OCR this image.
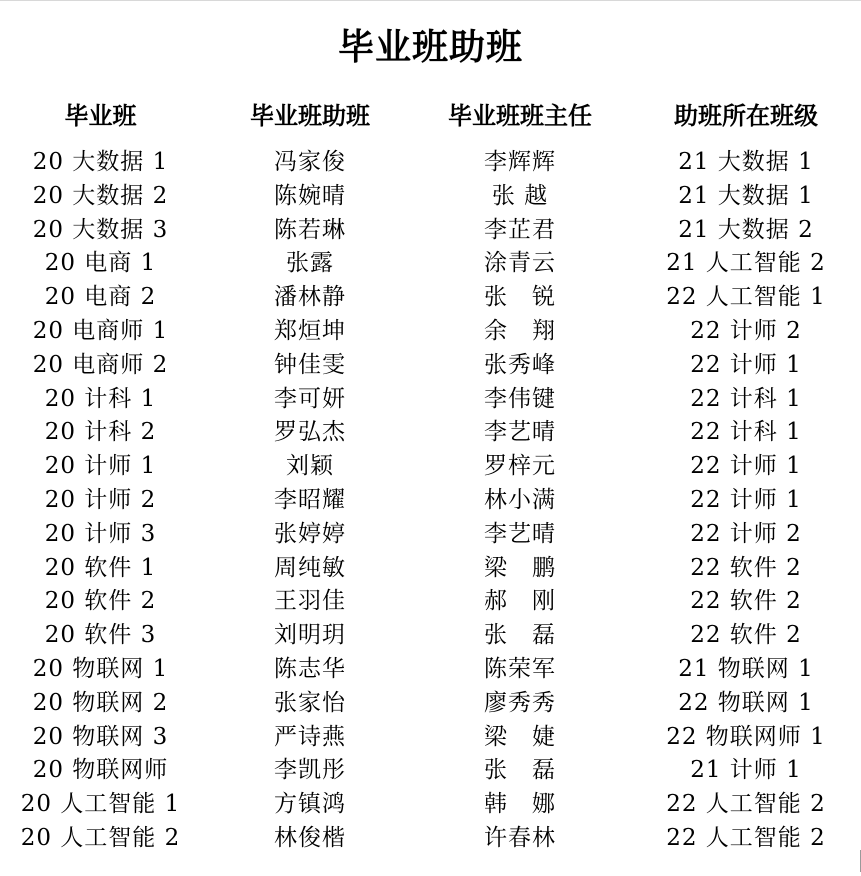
毕业班助班
毕业班	毕业班助班	毕业班班主任	助班所在班级
20 大数据 1	冯家俊	李辉辉	21 大数据 1
20 大数据 2	陈婉晴	张 越	21 大数据 1
20 大数据 3	陈若琳	李芷君	21 大数据 2
20 电商 1	张露	涂青云	21 人工智能 2
20 电商 2	潘林静	张　锐	22 人工智能 1
20 电商师 1	郑烜坤	余　翔	22 计师 2
20 电商师 2	钟佳雯	张秀峰	22 计师 1
20 计科 1	李可妍	李伟键	22 计科 1
20 计科 2	罗弘杰	李艺晴	22 计科 1
20 计师 1	刘颖	罗梓元	22 计师 1
20 计师 2	李昭耀	林小满	22 计师 1
20 计师 3	张婷婷	李艺晴	22 计师 2
20 软件 1	周纯敏	梁　鹏	22 软件 2
20 软件 2	王羽佳	郝　刚	22 软件 2
20 软件 3	刘明玥	张　磊	22 软件 2
20 物联网 1	陈志华	陈荣军	21 物联网 1
20 物联网 2	张家怡	廖秀秀	22 物联网 1
20 物联网 3	严诗燕	梁　婕	22 物联网师 1
20 物联网师	李凯彤	张　磊	21 计师 1
20 人工智能 1	方镇鸿	韩　娜	22 人工智能 2
20 人工智能 2	林俊楷	许春林	22 人工智能 2
